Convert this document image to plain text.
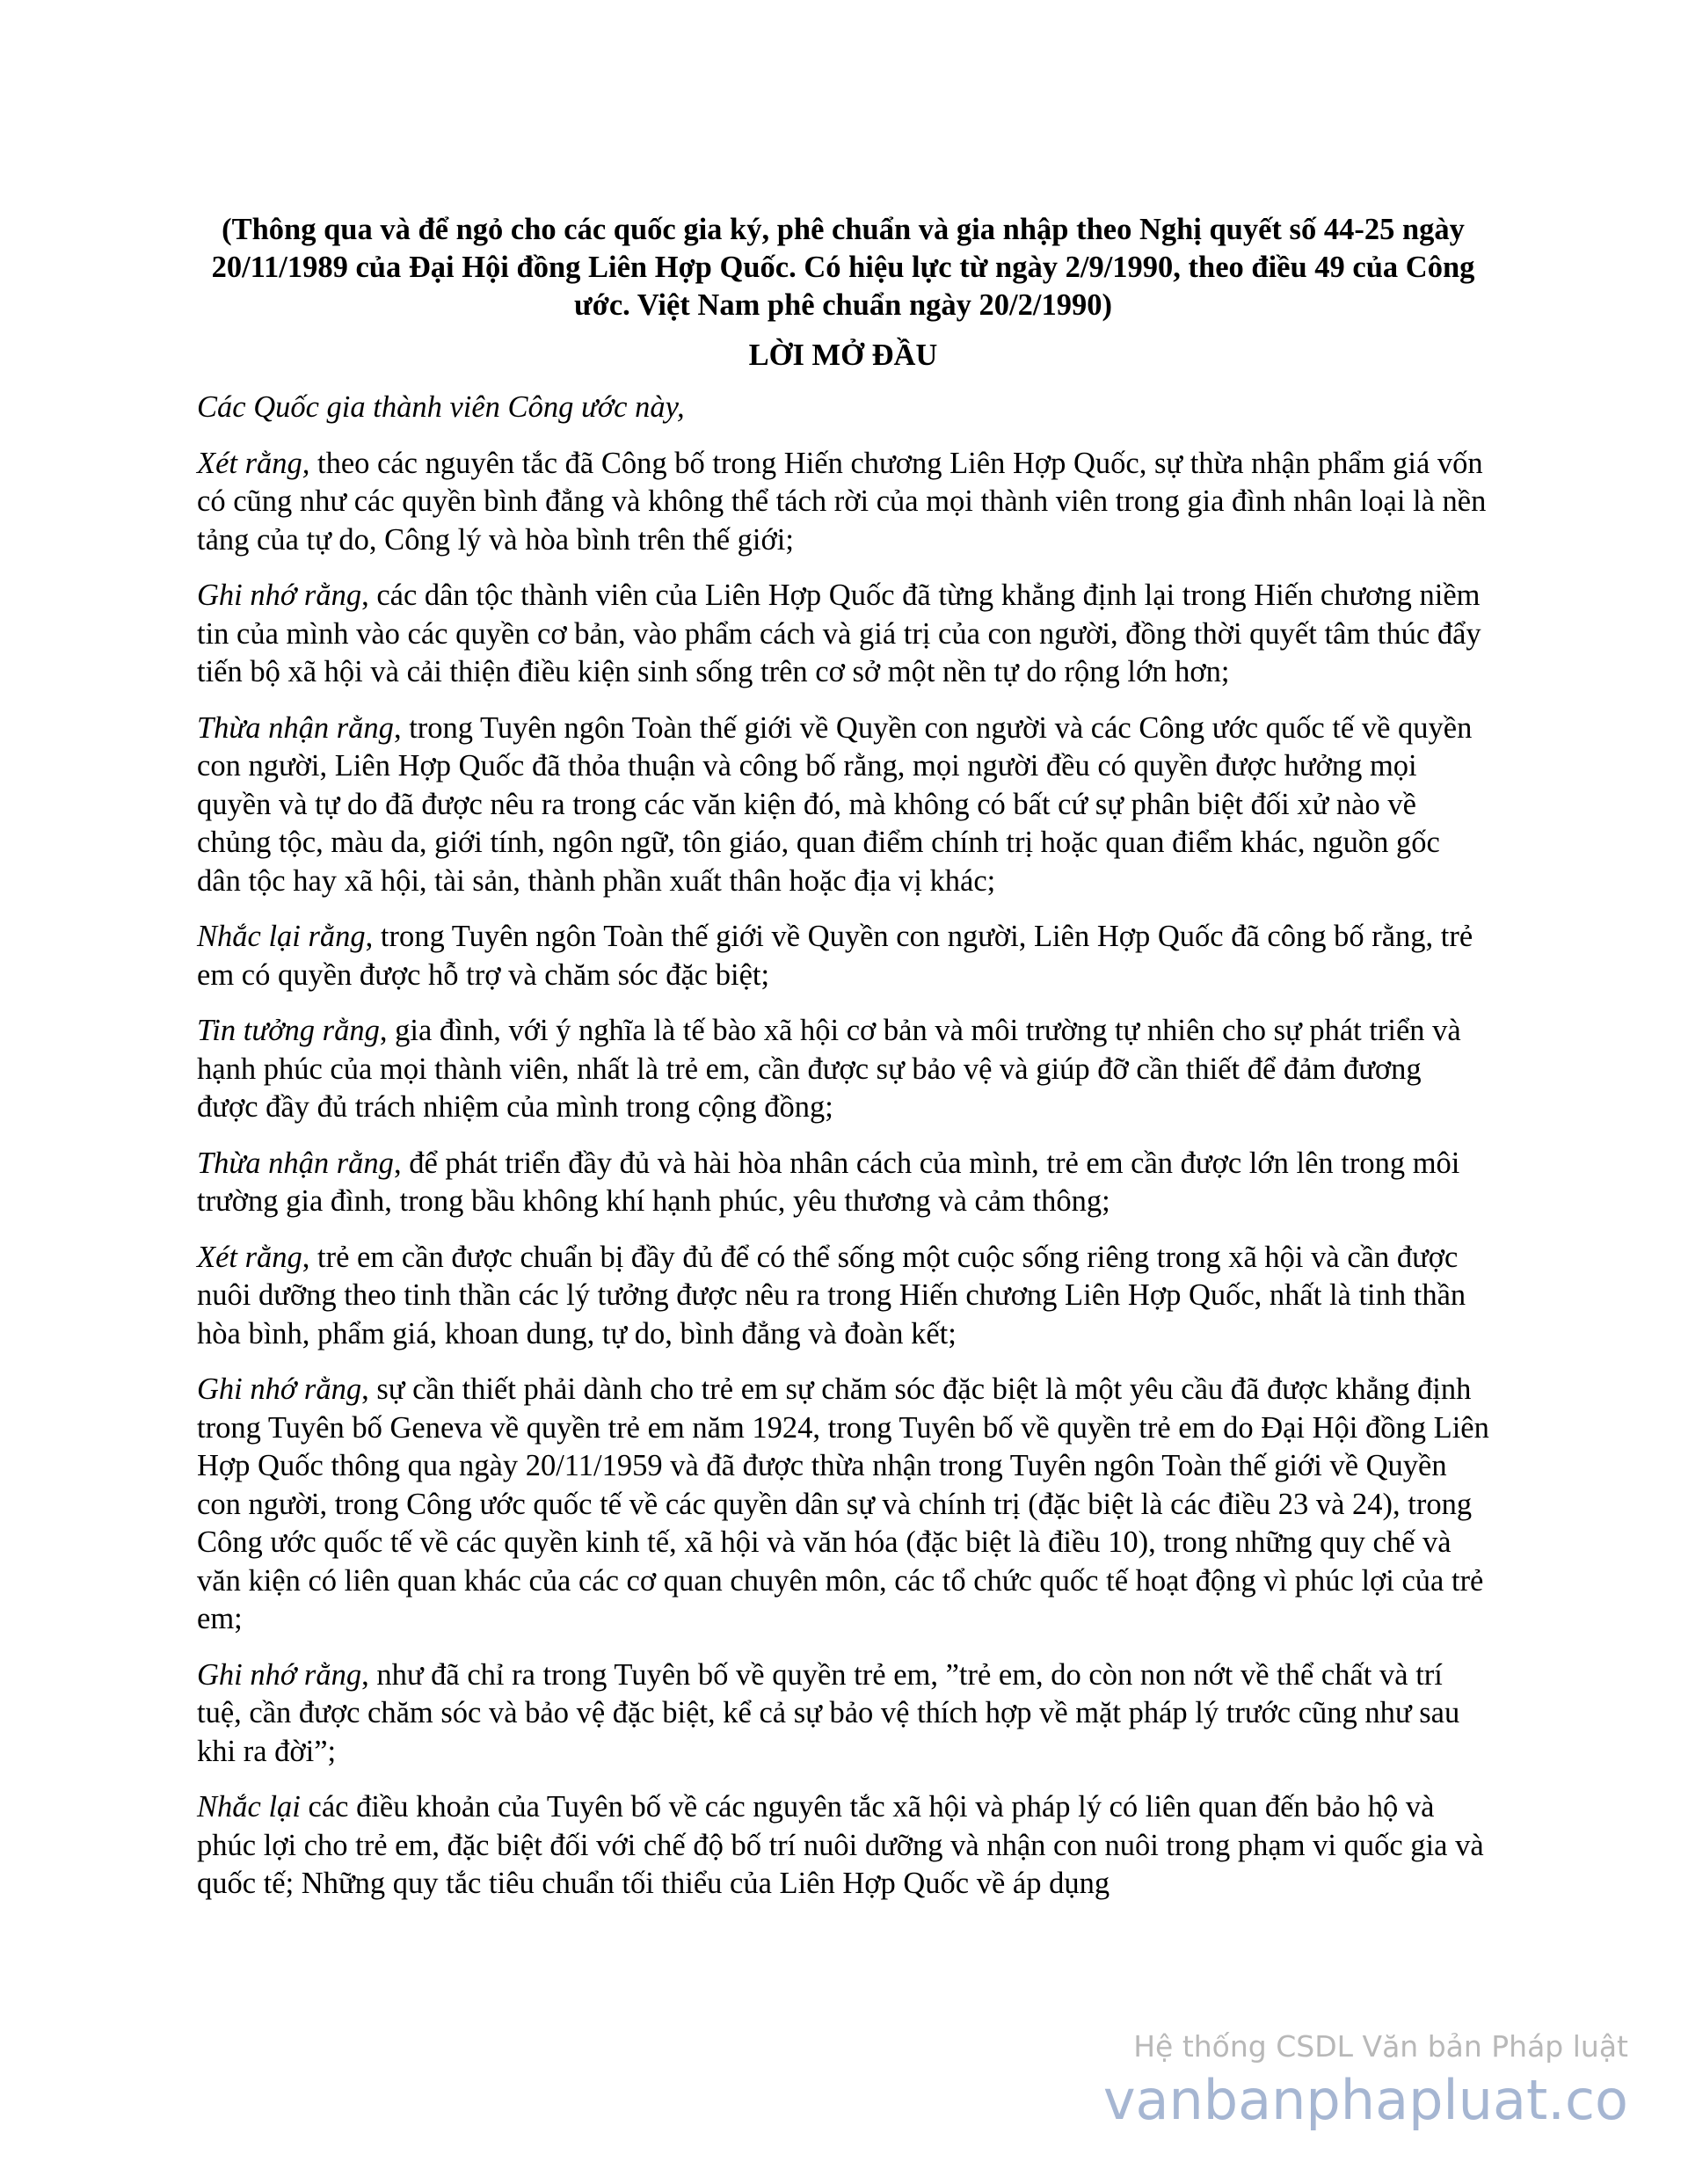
(Thông qua và để ngỏ cho các quốc gia ký, phê chuẩn và gia nhập theo Nghị quyết số 44-25 ngày 20/11/1989 của Đại Hội đồng Liên Hợp Quốc. Có hiệu lực từ ngày 2/9/1990, theo điều 49 của Công ước. Việt Nam phê chuẩn ngày 20/2/1990)

LỜI MỞ ĐẦU

Các Quốc gia thành viên Công ước này,

Xét rằng, theo các nguyên tắc đã Công bố trong Hiến chương Liên Hợp Quốc, sự thừa nhận phẩm giá vốn có cũng như các quyền bình đẳng và không thể tách rời của mọi thành viên trong gia đình nhân loại là nền tảng của tự do, Công lý và hòa bình trên thế giới;

Ghi nhớ rằng, các dân tộc thành viên của Liên Hợp Quốc đã từng khẳng định lại trong Hiến chương niềm tin của mình vào các quyền cơ bản, vào phẩm cách và giá trị của con người, đồng thời quyết tâm thúc đẩy tiến bộ xã hội và cải thiện điều kiện sinh sống trên cơ sở một nền tự do rộng lớn hơn;

Thừa nhận rằng, trong Tuyên ngôn Toàn thế giới về Quyền con người và các Công ước quốc tế về quyền con người, Liên Hợp Quốc đã thỏa thuận và công bố rằng, mọi người đều có quyền được hưởng mọi quyền và tự do đã được nêu ra trong các văn kiện đó, mà không có bất cứ sự phân biệt đối xử nào về chủng tộc, màu da, giới tính, ngôn ngữ, tôn giáo, quan điểm chính trị hoặc quan điểm khác, nguồn gốc dân tộc hay xã hội, tài sản, thành phần xuất thân hoặc địa vị khác;

Nhắc lại rằng, trong Tuyên ngôn Toàn thế giới về Quyền con người, Liên Hợp Quốc đã công bố rằng, trẻ em có quyền được hỗ trợ và chăm sóc đặc biệt;

Tin tưởng rằng, gia đình, với ý nghĩa là tế bào xã hội cơ bản và môi trường tự nhiên cho sự phát triển và hạnh phúc của mọi thành viên, nhất là trẻ em, cần được sự bảo vệ và giúp đỡ cần thiết để đảm đương được đầy đủ trách nhiệm của mình trong cộng đồng;

Thừa nhận rằng, để phát triển đầy đủ và hài hòa nhân cách của mình, trẻ em cần được lớn lên trong môi trường gia đình, trong bầu không khí hạnh phúc, yêu thương và cảm thông;

Xét rằng, trẻ em cần được chuẩn bị đầy đủ để có thể sống một cuộc sống riêng trong xã hội và cần được nuôi dưỡng theo tinh thần các lý tưởng được nêu ra trong Hiến chương Liên Hợp Quốc, nhất là tinh thần hòa bình, phẩm giá, khoan dung, tự do, bình đẳng và đoàn kết;

Ghi nhớ rằng, sự cần thiết phải dành cho trẻ em sự chăm sóc đặc biệt là một yêu cầu đã được khẳng định trong Tuyên bố Geneva về quyền trẻ em năm 1924, trong Tuyên bố về quyền trẻ em do Đại Hội đồng Liên Hợp Quốc thông qua ngày 20/11/1959 và đã được thừa nhận trong Tuyên ngôn Toàn thế giới về Quyền con người, trong Công ước quốc tế về các quyền dân sự và chính trị (đặc biệt là các điều 23 và 24), trong Công ước quốc tế về các quyền kinh tế, xã hội và văn hóa (đặc biệt là điều 10), trong những quy chế và văn kiện có liên quan khác của các cơ quan chuyên môn, các tổ chức quốc tế hoạt động vì phúc lợi của trẻ em;

Ghi nhớ rằng, như đã chỉ ra trong Tuyên bố về quyền trẻ em, ”trẻ em, do còn non nớt về thể chất và trí tuệ, cần được chăm sóc và bảo vệ đặc biệt, kể cả sự bảo vệ thích hợp về mặt pháp lý trước cũng như sau khi ra đời”;

Nhắc lại các điều khoản của Tuyên bố về các nguyên tắc xã hội và pháp lý có liên quan đến bảo hộ và phúc lợi cho trẻ em, đặc biệt đối với chế độ bố trí nuôi dưỡng và nhận con nuôi trong phạm vi quốc gia và quốc tế; Những quy tắc tiêu chuẩn tối thiểu của Liên Hợp Quốc về áp dụng

Hệ thống CSDL Văn bản Pháp luật
vanbanphapluat.co
